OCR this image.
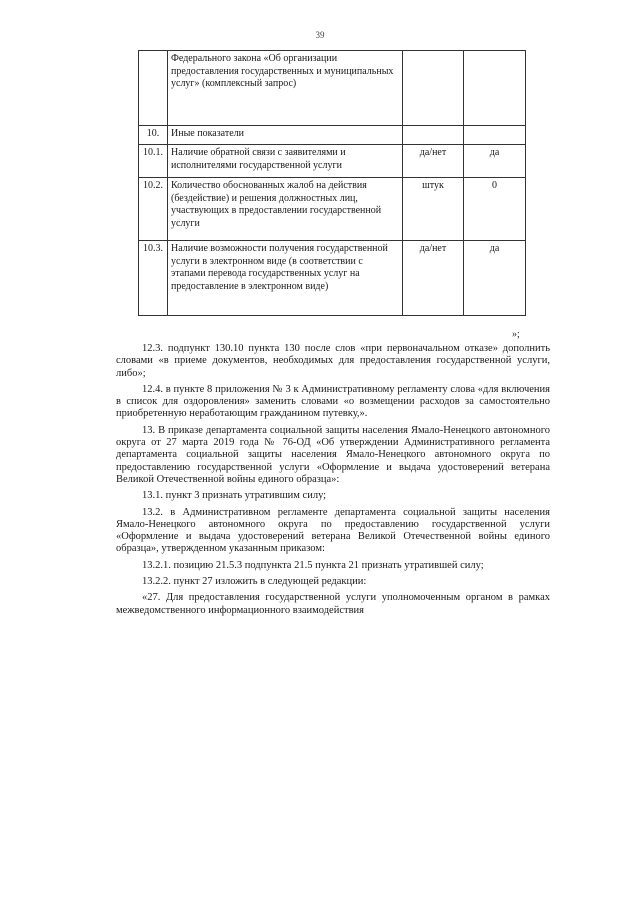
39
	Федерального закона «Об организации предоставления государственных и муниципальных услуг» (комплексный запрос)		
10.	Иные показатели		
10.1.	Наличие обратной связи с заявителями и исполнителями государственной услуги	да/нет	да
10.2.	Количество обоснованных жалоб на действия (бездействие) и решения должностных лиц, участвующих в предоставлении государственной услуги	штук	0
10.3.	Наличие возможности получения государственной услуги в электронном виде (в соответствии с этапами перевода государственных услуг на предоставление в электронном виде)	да/нет	да
»;

12.3. подпункт 130.10 пункта 130 после слов «при первоначальном отказе» дополнить словами «в приеме документов, необходимых для предоставления государственной услуги, либо»;

12.4. в пункте 8 приложения № 3 к Административному регламенту слова «для включения в список для оздоровления» заменить словами «о возмещении расходов за самостоятельно приобретенную неработающим гражданином путевку,».

13. В приказе департамента социальной защиты населения Ямало-Ненецкого автономного округа от 27 марта 2019 года № 76-ОД «Об утверждении Административного регламента департамента социальной защиты населения Ямало-Ненецкого автономного округа по предоставлению государственной услуги «Оформление и выдача удостоверений ветерана Великой Отечественной войны единого образца»:

13.1. пункт 3 признать утратившим силу;

13.2. в Административном регламенте департамента социальной защиты населения Ямало-Ненецкого автономного округа по предоставлению государственной услуги «Оформление и выдача удостоверений ветерана Великой Отечественной войны единого образца», утвержденном указанным приказом:

13.2.1. позицию 21.5.3 подпункта 21.5 пункта 21 признать утратившей силу;

13.2.2. пункт 27 изложить в следующей редакции:

«27. Для предоставления государственной услуги уполномоченным органом в рамках межведомственного информационного взаимодействия
